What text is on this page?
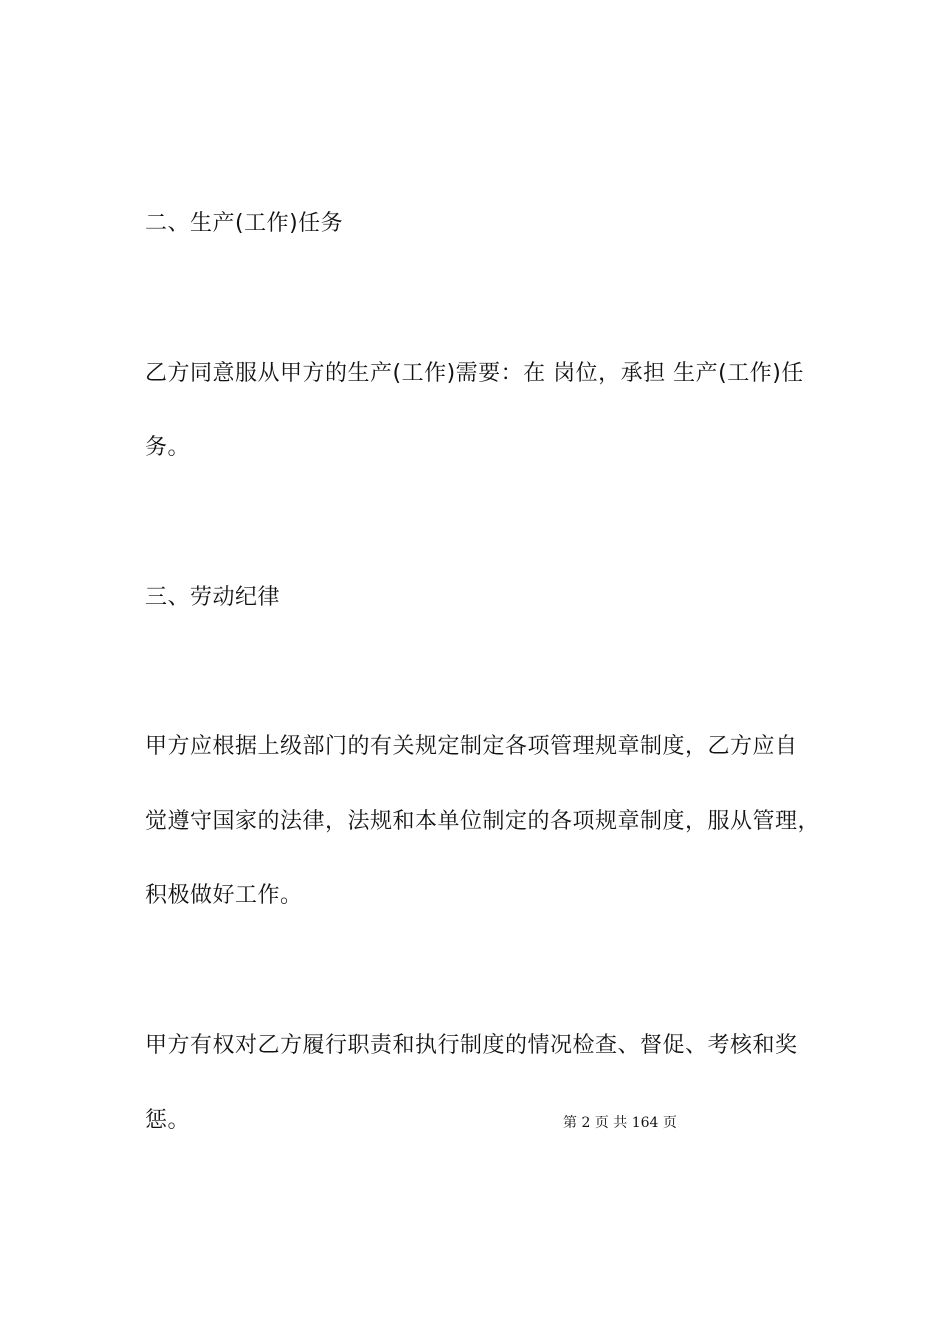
二、生产(工作)任务
乙方同意服从甲方的生产(工作)需要：在 岗位，承担 生产(工作)任
务。
三、劳动纪律
甲方应根据上级部门的有关规定制定各项管理规章制度，乙方应自
觉遵守国家的法律，法规和本单位制定的各项规章制度，服从管理，
积极做好工作。
甲方有权对乙方履行职责和执行制度的情况检查、督促、考核和奖
惩。	第 2 页 共 164 页
